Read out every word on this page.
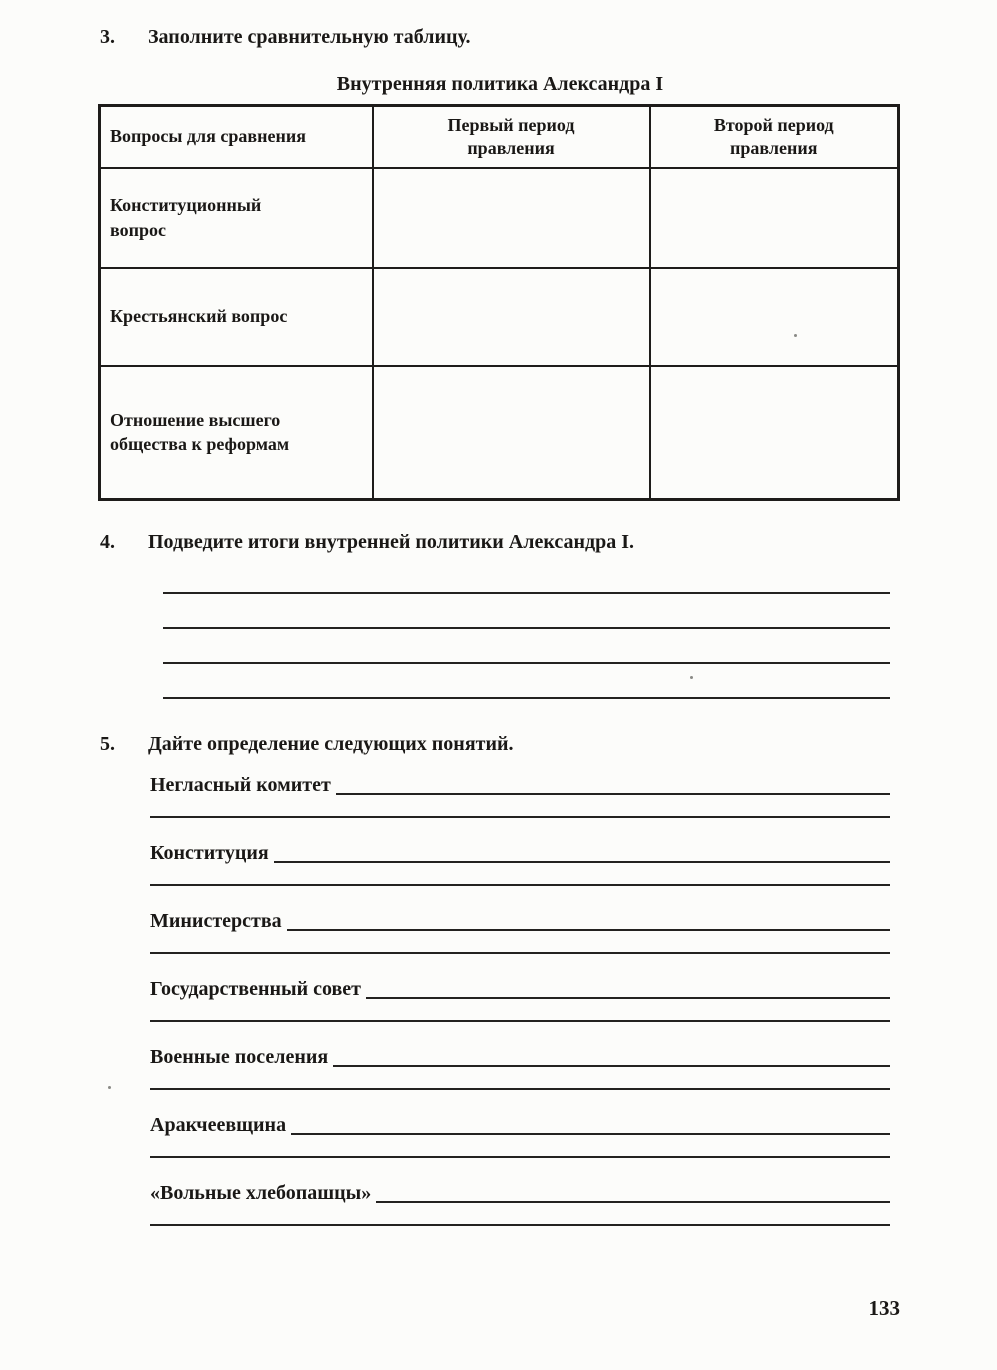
3.	Заполните сравнительную таблицу.
Внутренняя политика Александра I
Вопросы для сравнения	Первый период правления	Второй период правления
Конституционный вопрос		
Крестьянский вопрос		
Отношение высшего общества к реформам		
4.	Подведите итоги внутренней политики Александра I.
5.	Дайте определение следующих понятий.
Негласный комитет
Конституция
Министерства
Государственный совет
Военные поселения
Аракчеевщина
«Вольные хлебопашцы»
133
